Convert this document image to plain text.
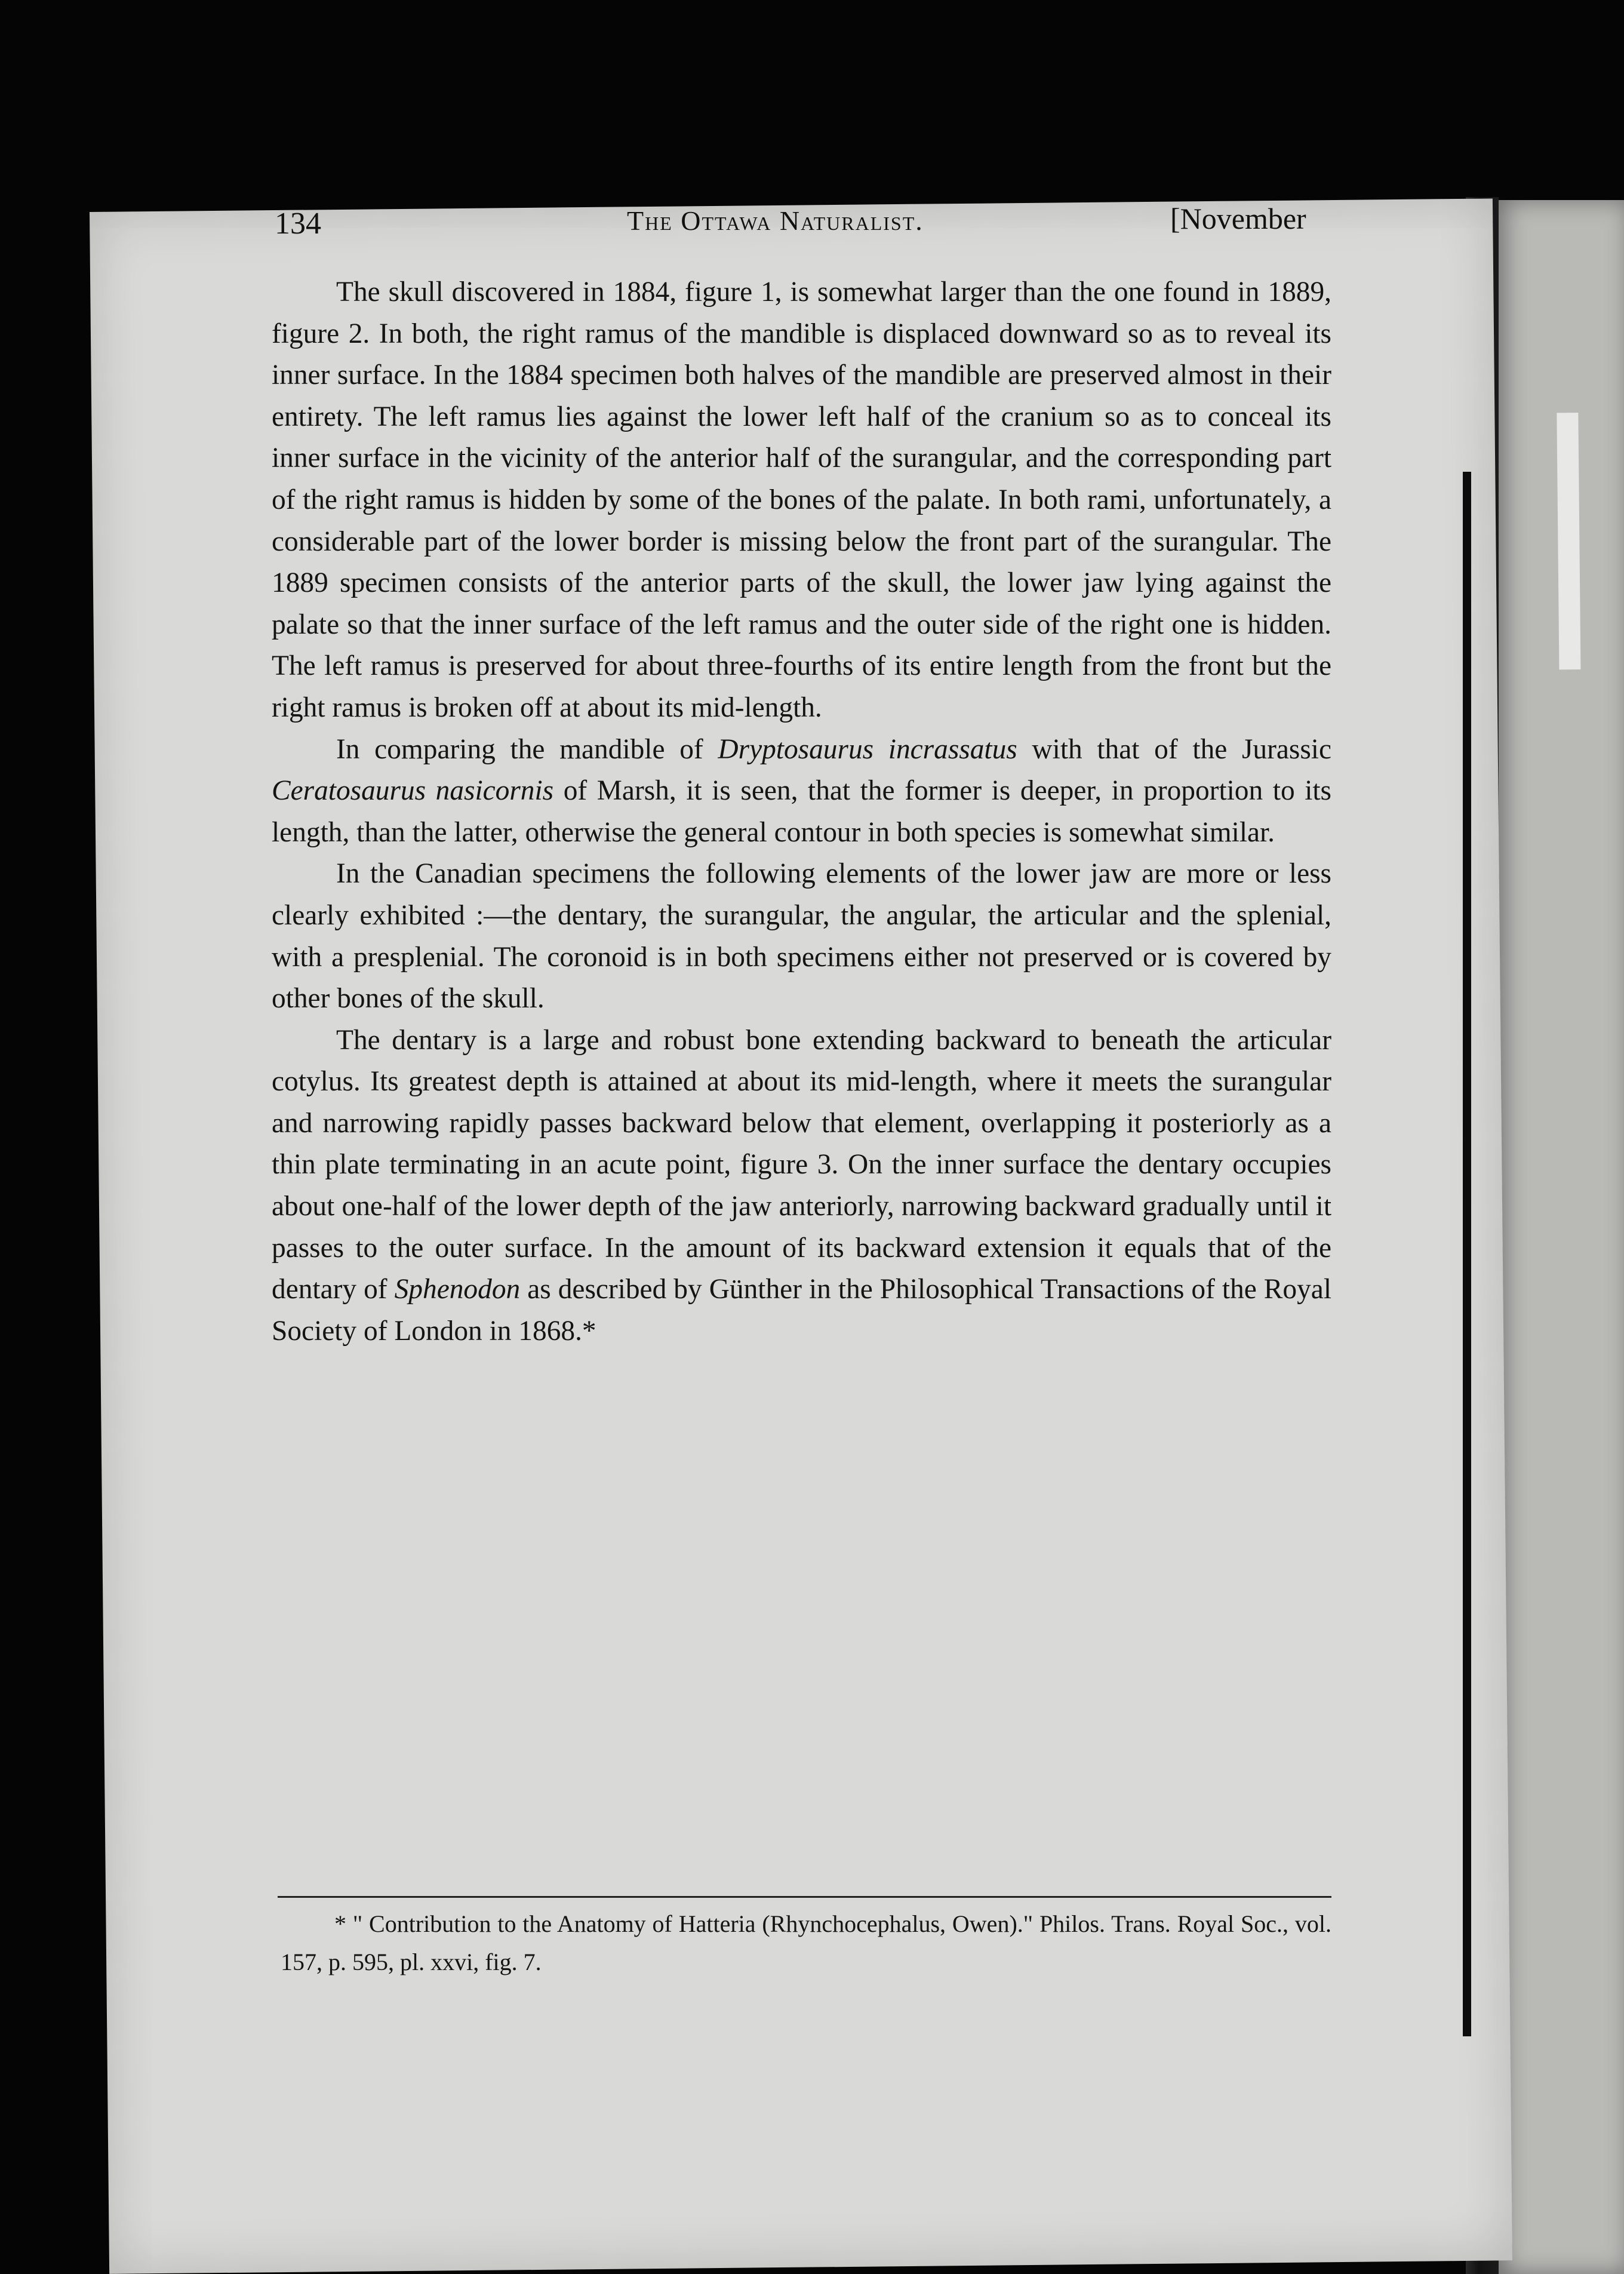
134	The Ottawa Naturalist.	[November

The skull discovered in 1884, figure 1, is somewhat larger than the one found in 1889, figure 2. In both, the right ramus of the mandible is displaced downward so as to reveal its inner surface. In the 1884 specimen both halves of the mandible are preserved almost in their entirety. The left ramus lies against the lower left half of the cranium so as to conceal its inner surface in the vicinity of the anterior half of the surangular, and the corresponding part of the right ramus is hidden by some of the bones of the palate. In both rami, unfortunately, a considerable part of the lower border is missing below the front part of the surangular. The 1889 specimen consists of the anterior parts of the skull, the lower jaw lying against the palate so that the inner surface of the left ramus and the outer side of the right one is hidden. The left ramus is preserved for about three-fourths of its entire length from the front but the right ramus is broken off at about its mid-length.

In comparing the mandible of Dryptosaurus incrassatus with that of the Jurassic Ceratosaurus nasicornis of Marsh, it is seen, that the former is deeper, in proportion to its length, than the latter, otherwise the general contour in both species is somewhat similar.

In the Canadian specimens the following elements of the lower jaw are more or less clearly exhibited :—the dentary, the surangular, the angular, the articular and the splenial, with a presplenial. The coronoid is in both specimens either not preserved or is covered by other bones of the skull.

The dentary is a large and robust bone extending backward to beneath the articular cotylus. Its greatest depth is attained at about its mid-length, where it meets the surangular and narrowing rapidly passes backward below that element, overlapping it posteriorly as a thin plate terminating in an acute point, figure 3. On the inner surface the dentary occupies about one-half of the lower depth of the jaw anteriorly, narrowing backward gradually until it passes to the outer surface. In the amount of its backward extension it equals that of the dentary of Sphenodon as described by Günther in the Philosophical Transactions of the Royal Society of London in 1868.*

* " Contribution to the Anatomy of Hatteria (Rhynchocephalus, Owen)." Philos. Trans. Royal Soc., vol. 157, p. 595, pl. xxvi, fig. 7.
